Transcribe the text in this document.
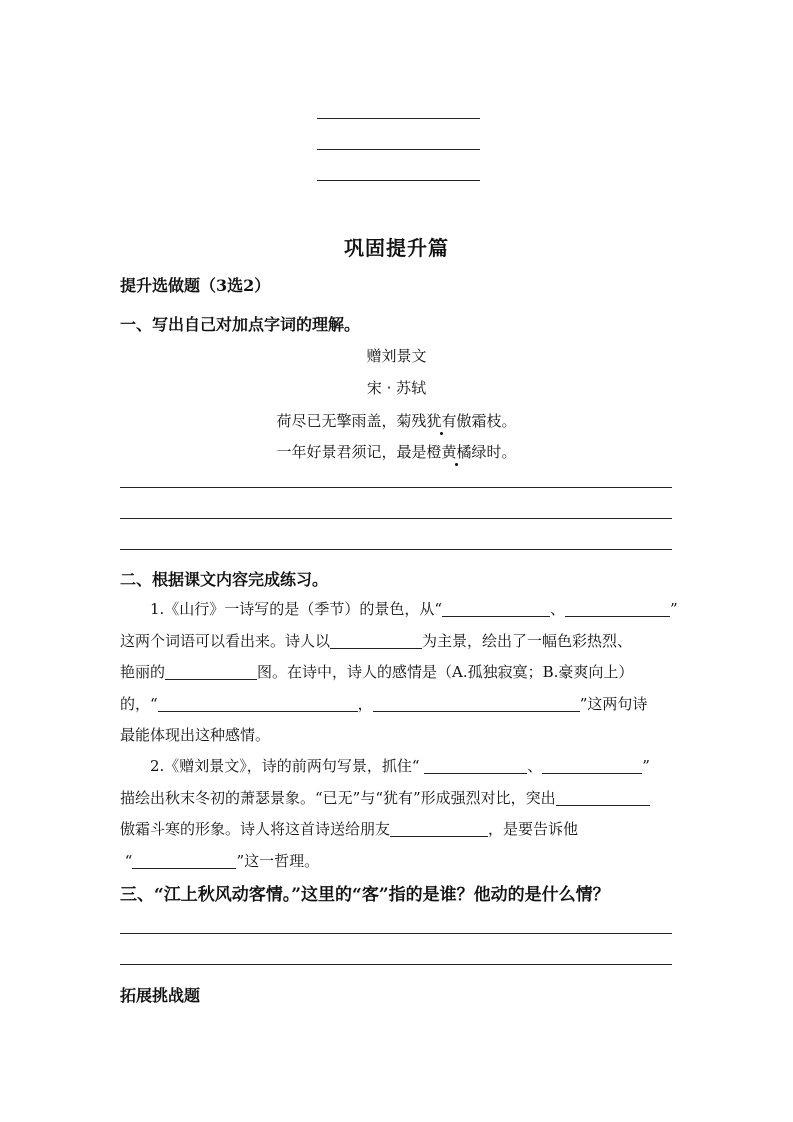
巩固提升篇
提升选做题（3选2）
一、写出自己对加点字词的理解。
赠刘景文
宋 · 苏轼
荷尽已无擎雨盖，菊残犹有傲霜枝。
一年好景君须记，最是橙黄橘绿时。
二、根据课文内容完成练习。

1.《山行》一诗写的是（季节）的景色，从“	、	”

这两个词语可以看出来。诗人以	为主景，绘出了一幅色彩热烈、

艳丽的	图。在诗中，诗人的感情是（A.孤独寂寞；B.豪爽向上）

的，“	，	”这两句诗

最能体现出这种感情。

2.《赠刘景文》，诗的前两句写景，抓住“	、	”

描绘出秋末冬初的萧瑟景象。“已无”与“犹有”形成强烈对比，突出

傲霜斗寒的形象。诗人将这首诗送给朋友	，是要告诉他

“	”这一哲理。

三、“江上秋风动客情。”这里的“客”指的是谁？他动的是什么情？
拓展挑战题
